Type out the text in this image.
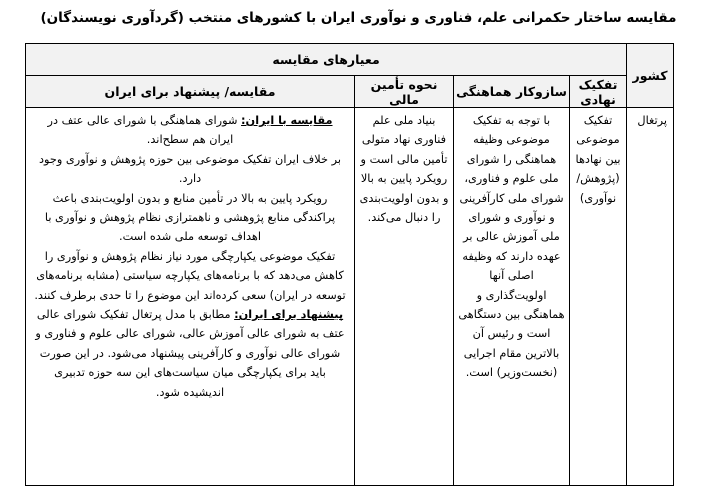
مقایسه ساختار حکمرانی علم، فناوری و نوآوری ایران با کشورهای منتخب (گردآوری نویسندگان)
کشور	معیارهای مقایسه			
	تفکیک نهادی	سازوکار هماهنگی	نحوه تأمین مالی	مقایسه/ پیشنهاد برای ایران
پرتغال	تفکیک موضوعی بین نهادها (پژوهش/ نوآوری)	با توجه به تفکیک موضوعی وظیفه هماهنگی را شورای ملی علوم و فناوری، شورای ملی کارآفرینی و نوآوری و شورای ملی آموزش عالی بر عهده دارند که وظیفه اصلی آنها اولویت‌گذاری و هماهنگی بین دستگاهی است و رئیس آن بالاترین مقام اجرایی (نخست‌وزیر) است.	بنیاد ملی علم فناوری نهاد متولی تأمین مالی است و رویکرد پایین به بالا و بدون اولویت‌بندی را دنبال می‌کند.	
مقایسه با ایران: شورای هماهنگی با شورای عالی عتف در ایران هم سطح‌اند.
بر خلاف ایران تفکیک موضوعی بین حوزه پژوهش و نوآوری وجود دارد.
رویکرد پایین به بالا در تأمین منابع و بدون اولویت‌بندی باعث پراکندگی منابع پژوهشی و ناهمترازی نظام پژوهش و نوآوری با اهداف توسعه ملی شده است.
تفکیک موضوعی یکپارچگی مورد نیاز نظام پژوهش و نوآوری را کاهش می‌دهد که با برنامه‌های یکپارچه سیاستی (مشابه برنامه‌های توسعه در ایران) سعی کرده‌اند این موضوع را تا حدی برطرف کنند.
پیشنهاد برای ایران: مطابق با مدل پرتغال تفکیک شورای عالی عتف به شورای عالی آموزش عالی، شورای عالی علوم و فناوری و شورای عالی نوآوری و کارآفرینی پیشنهاد می‌شود. در این صورت باید برای یکپارچگی میان سیاست‌های این سه حوزه تدبیری اندیشیده شود.
